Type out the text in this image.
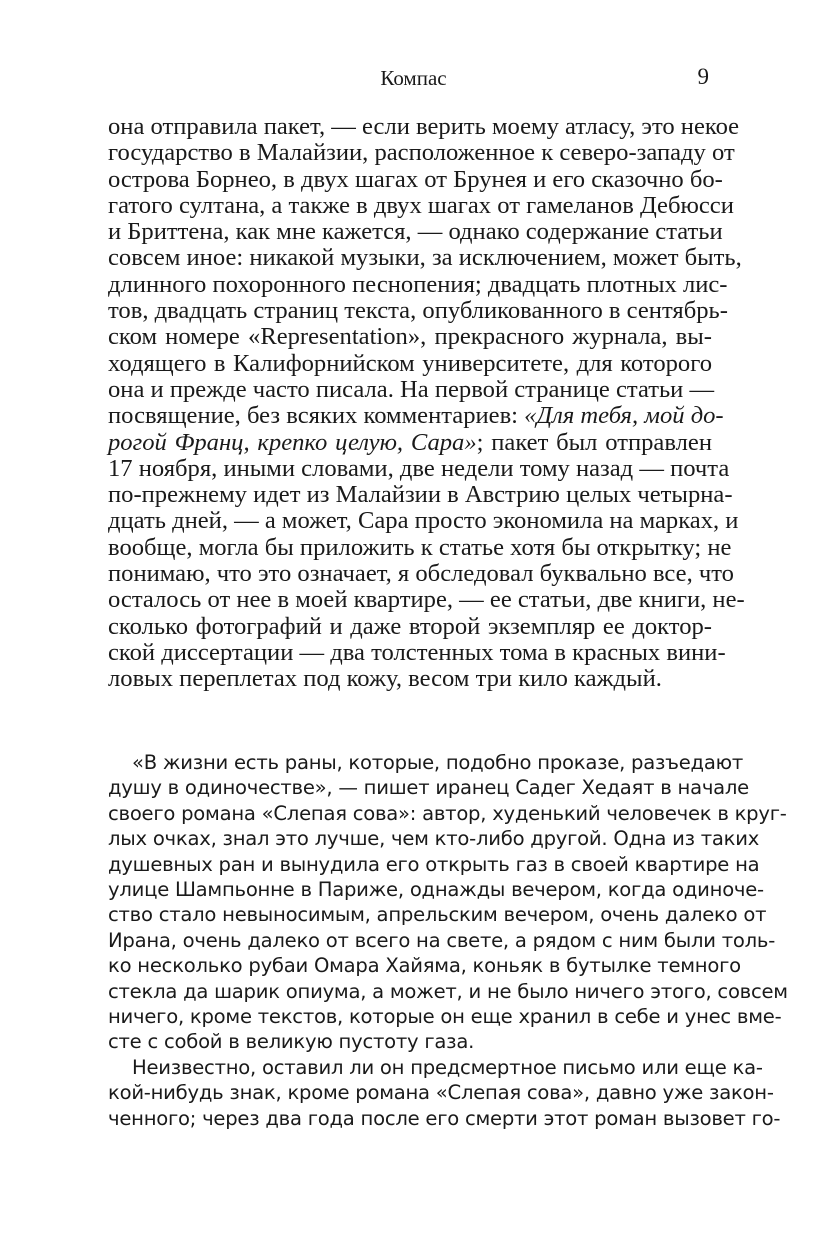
Компас	9
она отправила пакет, — если верить моему атласу, это некое
государство в Малайзии, расположенное к северо-западу от
острова Борнео, в двух шагах от Брунея и его сказочно бо-
гатого султана, а также в двух шагах от гамеланов Дебюсси
и Бриттена, как мне кажется, — однако содержание статьи
совсем иное: никакой музыки, за исключением, может быть,
длинного похоронного песнопения; двадцать плотных лис-
тов, двадцать страниц текста, опубликованного в сентябрь-
ском номере «Representation», прекрасного журнала, вы-
ходящего в Калифорнийском университете, для которого
она и прежде часто писала. На первой странице статьи —
посвящение, без всяких комментариев: «Для тебя, мой до-
рогой Франц, крепко целую, Сара»; пакет был отправлен
17 ноября, иными словами, две недели тому назад — почта
по-прежнему идет из Малайзии в Австрию целых четырна-
дцать дней, — а может, Сара просто экономила на марках, и
вообще, могла бы приложить к статье хотя бы открытку; не
понимаю, что это означает, я обследовал буквально все, что
осталось от нее в моей квартире, — ее статьи, две книги, не-
сколько фотографий и даже второй экземпляр ее доктор-
ской диссертации — два толстенных тома в красных вини-
ловых переплетах под кожу, весом три кило каждый.
«В жизни есть раны, которые, подобно проказе, разъедают
душу в одиночестве», — пишет иранец Садег Хедаят в начале
своего романа «Слепая сова»: автор, худенький человечек в круг-
лых очках, знал это лучше, чем кто-либо другой. Одна из таких
душевных ран и вынудила его открыть газ в своей квартире на
улице Шампьонне в Париже, однажды вечером, когда одиноче-
ство стало невыносимым, апрельским вечером, очень далеко от
Ирана, очень далеко от всего на свете, а рядом с ним были толь-
ко несколько рубаи Омара Хайяма, коньяк в бутылке темного
стекла да шарик опиума, а может, и не было ничего этого, совсем
ничего, кроме текстов, которые он еще хранил в себе и унес вме-
сте с собой в великую пустоту газа.
Неизвестно, оставил ли он предсмертное письмо или еще ка-
кой-нибудь знак, кроме романа «Слепая сова», давно уже закон-
ченного; через два года после его смерти этот роман вызовет го-
